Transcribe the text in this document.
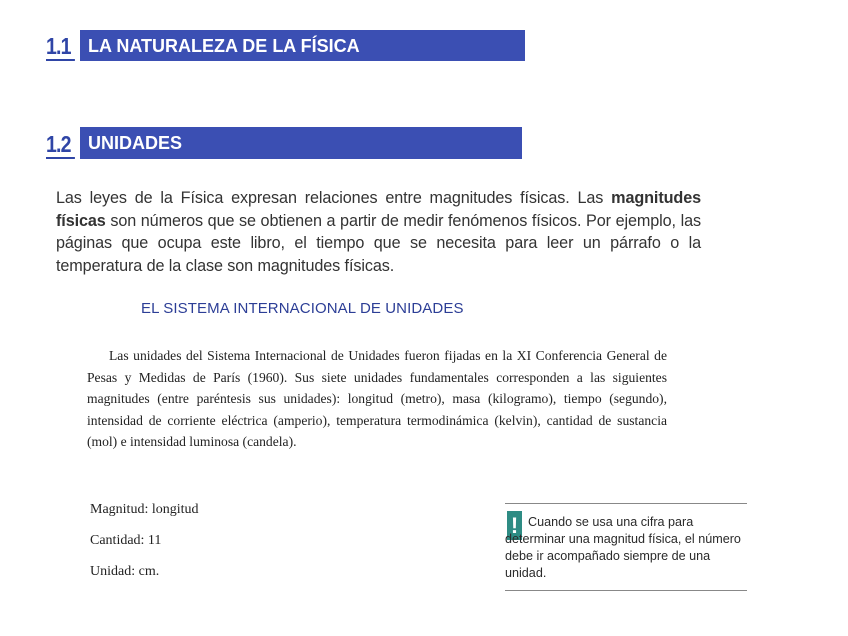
1.1 LA NATURALEZA DE LA FÍSICA
1.2 UNIDADES

Las leyes de la Física expresan relaciones entre magnitudes físicas. Las magnitudes físicas son números que se obtienen a partir de medir fenómenos físicos. Por ejemplo, las páginas que ocupa este libro, el tiempo que se necesita para leer un párrafo o la temperatura de la clase son magnitudes físicas.

EL SISTEMA INTERNACIONAL DE UNIDADES

Las unidades del Sistema Internacional de Unidades fueron fijadas en la XI Conferencia General de Pesas y Medidas de París (1960). Sus siete unidades fundamentales corresponden a las siguientes magnitudes (entre paréntesis sus unidades): longitud (metro), masa (kilogramo), tiempo (segundo), intensidad de corriente eléctrica (amperio), temperatura termodinámica (kelvin), cantidad de sustancia (mol) e intensidad luminosa (candela).

Magnitud: longitud
Cantidad: 11
Unidad: cm.
! Cuando se usa una cifra para determinar una magnitud física, el número debe ir acompañado siempre de una unidad.
